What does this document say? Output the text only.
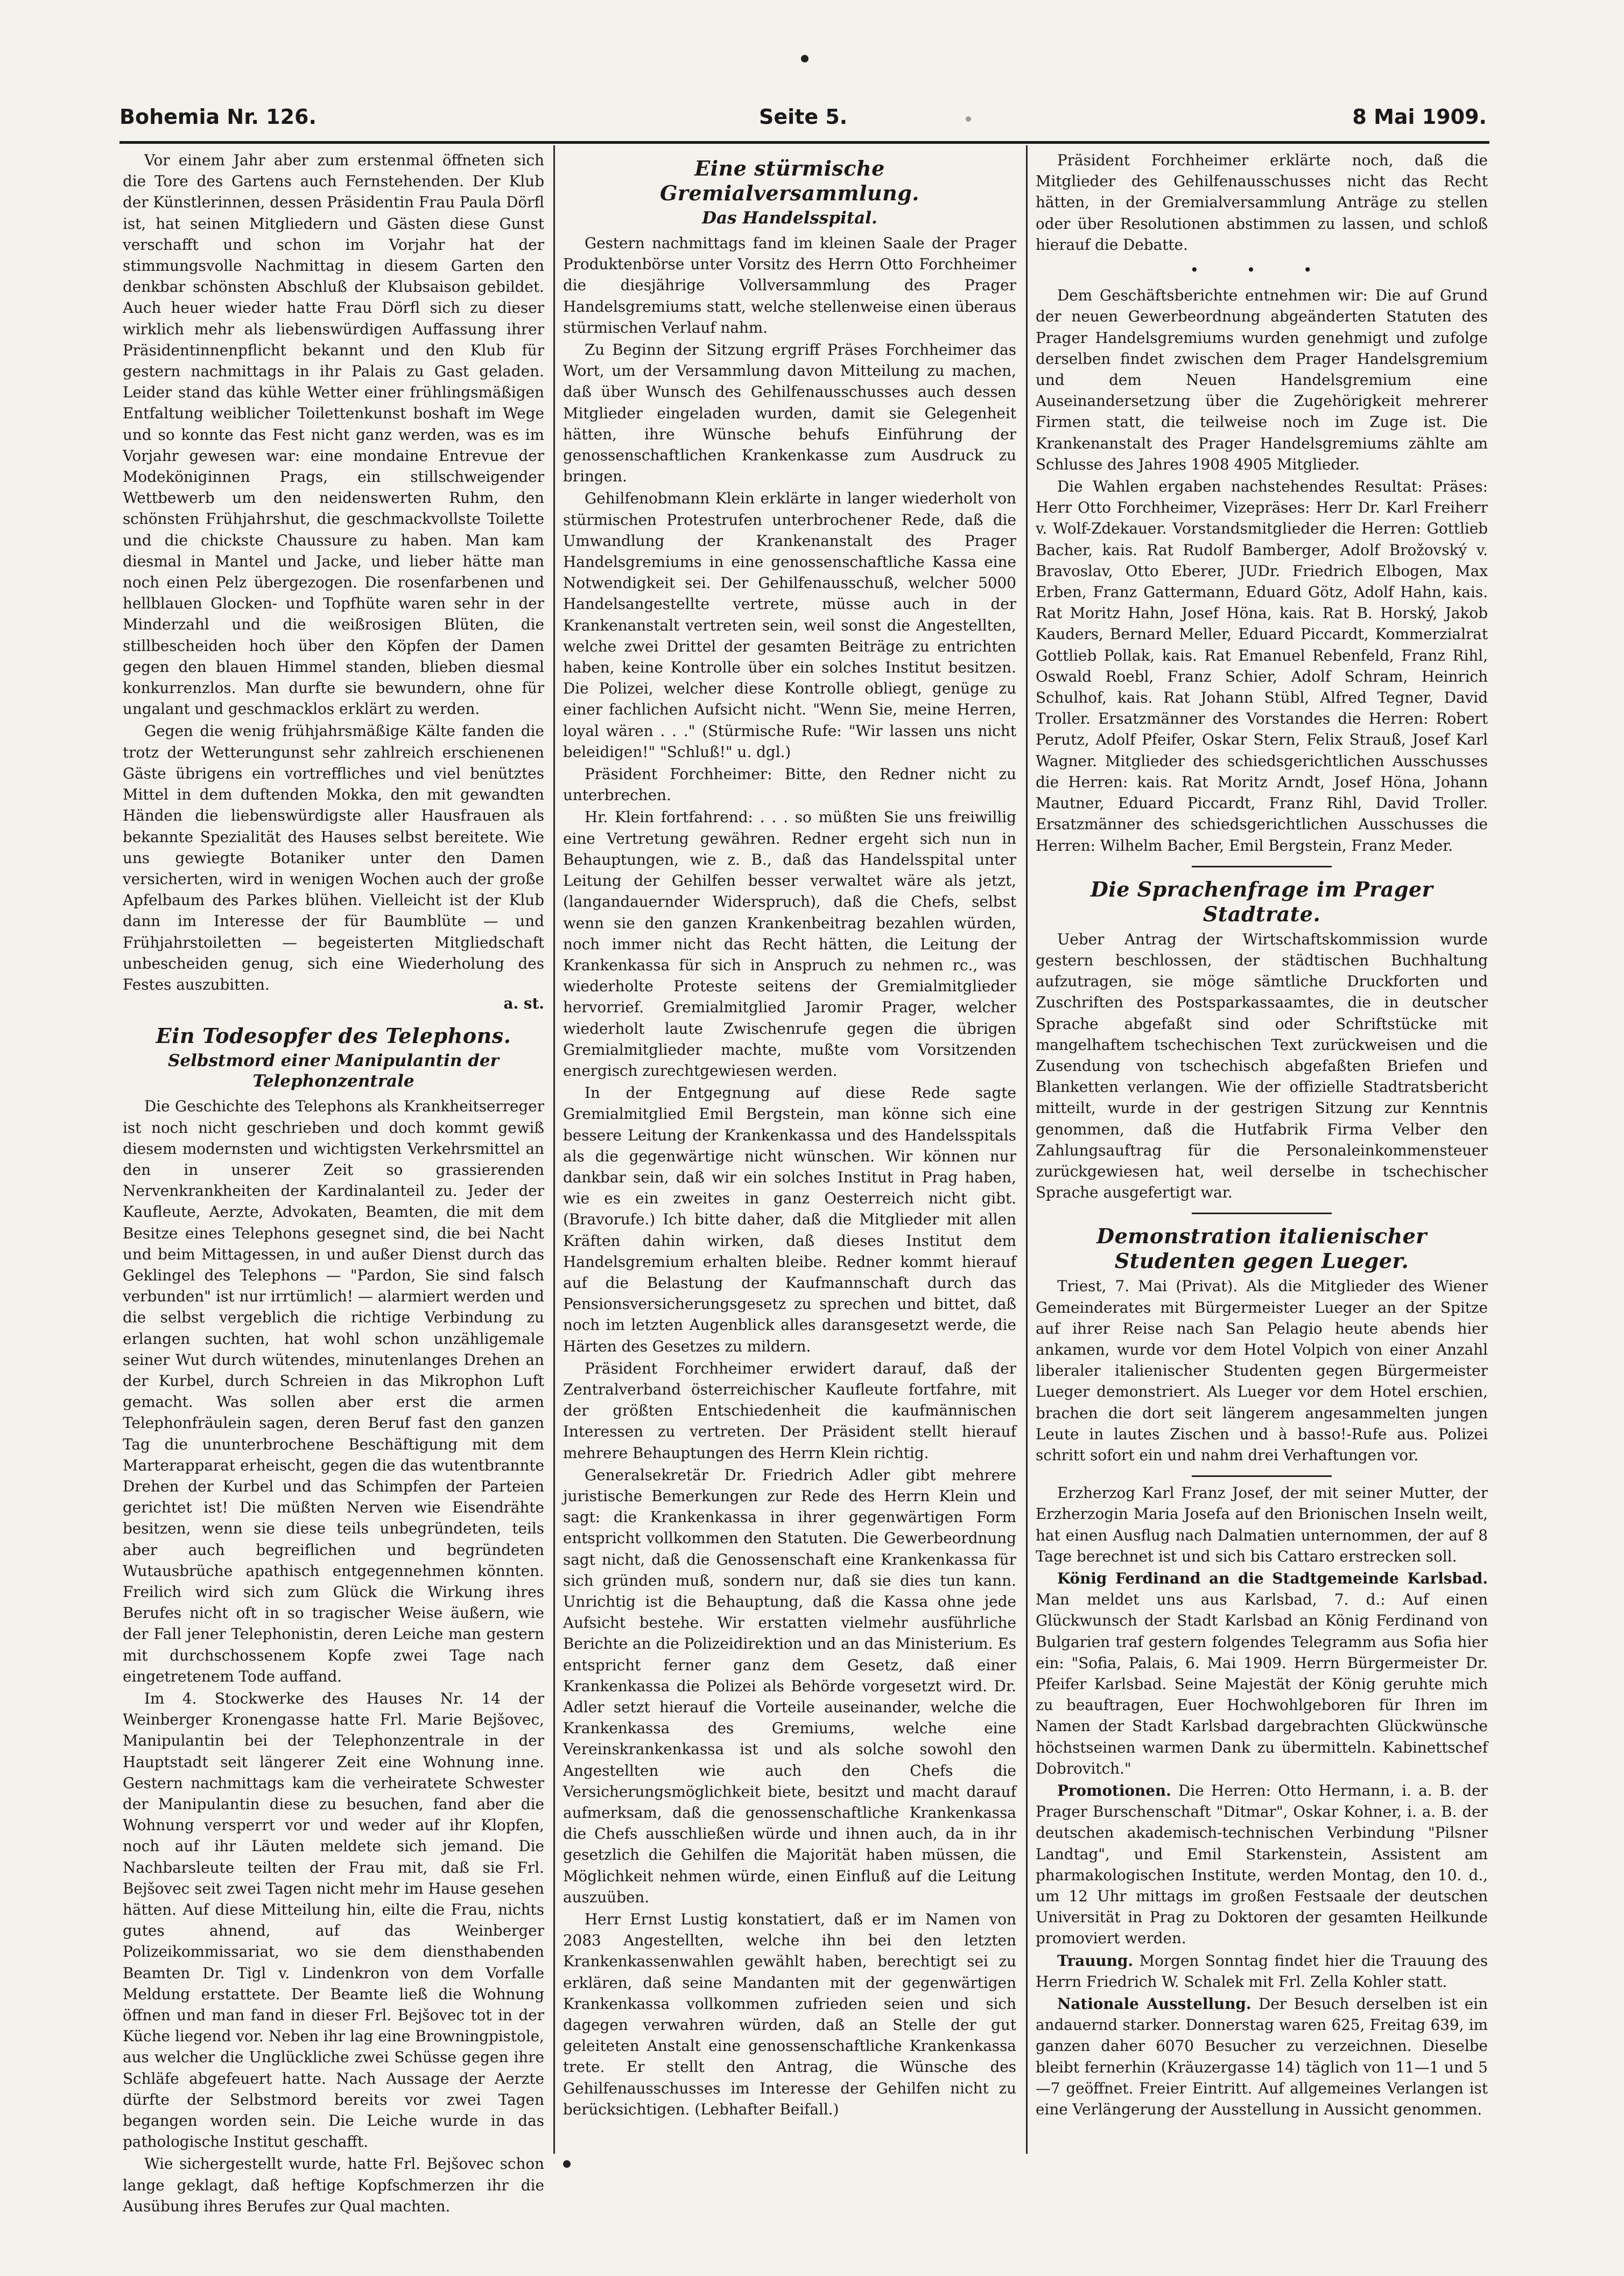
Bohemia Nr. 126.	Seite 5.	8 Mai 1909.

Vor einem Jahr aber zum erstenmal öffneten sich die Tore des Gartens auch Fernstehenden. Der Klub der Künstlerinnen, dessen Präsidentin Frau Paula Dörfl ist, hat seinen Mitgliedern und Gästen diese Gunst verschafft und schon im Vorjahr hat der stimmungsvolle Nachmittag in diesem Garten den denkbar schönsten Abschluß der Klubsaison gebildet. Auch heuer wieder hatte Frau Dörfl sich zu dieser wirklich mehr als liebenswürdigen Auffassung ihrer Präsidentinnenpflicht bekannt und den Klub für gestern nachmittags in ihr Palais zu Gast geladen. Leider stand das kühle Wetter einer frühlingsmäßigen Entfaltung weiblicher Toilettenkunst boshaft im Wege und so konnte das Fest nicht ganz werden, was es im Vorjahr gewesen war: eine mondaine Entrevue der Modeköniginnen Prags, ein stillschweigender Wettbewerb um den neidenswerten Ruhm, den schönsten Frühjahrshut, die geschmackvollste Toilette und die chickste Chaussure zu haben. Man kam diesmal in Mantel und Jacke, und lieber hätte man noch einen Pelz übergezogen. Die rosenfarbenen und hellblauen Glocken- und Topfhüte waren sehr in der Minderzahl und die weißrosigen Blüten, die stillbescheiden hoch über den Köpfen der Damen gegen den blauen Himmel standen, blieben diesmal konkurrenzlos. Man durfte sie bewundern, ohne für ungalant und geschmacklos erklärt zu werden.

Gegen die wenig frühjahrsmäßige Kälte fanden die trotz der Wetterungunst sehr zahlreich erschienenen Gäste übrigens ein vortreffliches und viel benütztes Mittel in dem duftenden Mokka, den mit gewandten Händen die liebenswürdigste aller Hausfrauen als bekannte Spezialität des Hauses selbst bereitete. Wie uns gewiegte Botaniker unter den Damen versicherten, wird in wenigen Wochen auch der große Apfelbaum des Parkes blühen. Vielleicht ist der Klub dann im Interesse der für Baumblüte — und Frühjahrstoiletten — begeisterten Mitgliedschaft unbescheiden genug, sich eine Wiederholung des Festes auszubitten.

a. st.

Ein Todesopfer des Telephons.
Selbstmord einer Manipulantin der Telephonzentrale

Die Geschichte des Telephons als Krankheitserreger ist noch nicht geschrieben und doch kommt gewiß diesem modernsten und wichtigsten Verkehrsmittel an den in unserer Zeit so grassierenden Nervenkrankheiten der Kardinalanteil zu. Jeder der Kaufleute, Aerzte, Advokaten, Beamten, die mit dem Besitze eines Telephons gesegnet sind, die bei Nacht und beim Mittagessen, in und außer Dienst durch das Geklingel des Telephons — "Pardon, Sie sind falsch verbunden" ist nur irrtümlich! — alarmiert werden und die selbst vergeblich die richtige Verbindung zu erlangen suchten, hat wohl schon unzähligemale seiner Wut durch wütendes, minutenlanges Drehen an der Kurbel, durch Schreien in das Mikrophon Luft gemacht. Was sollen aber erst die armen Telephonfräulein sagen, deren Beruf fast den ganzen Tag die ununterbrochene Beschäftigung mit dem Marterapparat erheischt, gegen die das wutentbrannte Drehen der Kurbel und das Schimpfen der Parteien gerichtet ist! Die müßten Nerven wie Eisendrähte besitzen, wenn sie diese teils unbegründeten, teils aber auch begreiflichen und begründeten Wutausbrüche apathisch entgegennehmen könnten. Freilich wird sich zum Glück die Wirkung ihres Berufes nicht oft in so tragischer Weise äußern, wie der Fall jener Telephonistin, deren Leiche man gestern mit durchschossenem Kopfe zwei Tage nach eingetretenem Tode auffand.

Im 4. Stockwerke des Hauses Nr. 14 der Weinberger Kronengasse hatte Frl. Marie Bejšovec, Manipulantin bei der Telephonzentrale in der Hauptstadt seit längerer Zeit eine Wohnung inne. Gestern nachmittags kam die verheiratete Schwester der Manipulantin diese zu besuchen, fand aber die Wohnung versperrt vor und weder auf ihr Klopfen, noch auf ihr Läuten meldete sich jemand. Die Nachbarsleute teilten der Frau mit, daß sie Frl. Bejšovec seit zwei Tagen nicht mehr im Hause gesehen hätten. Auf diese Mitteilung hin, eilte die Frau, nichts gutes ahnend, auf das Weinberger Polizeikommissariat, wo sie dem diensthabenden Beamten Dr. Tigl v. Lindenkron von dem Vorfalle Meldung erstattete. Der Beamte ließ die Wohnung öffnen und man fand in dieser Frl. Bejšovec tot in der Küche liegend vor. Neben ihr lag eine Browningpistole, aus welcher die Unglückliche zwei Schüsse gegen ihre Schläfe abgefeuert hatte. Nach Aussage der Aerzte dürfte der Selbstmord bereits vor zwei Tagen begangen worden sein. Die Leiche wurde in das pathologische Institut geschafft.

Wie sichergestellt wurde, hatte Frl. Bejšovec schon lange geklagt, daß heftige Kopfschmerzen ihr die Ausübung ihres Berufes zur Qual machten.

Eine stürmische Gremialversammlung.
Das Handelsspital.

Gestern nachmittags fand im kleinen Saale der Prager Produktenbörse unter Vorsitz des Herrn Otto Forchheimer die diesjährige Vollversammlung des Prager Handelsgremiums statt, welche stellenweise einen überaus stürmischen Verlauf nahm.

Zu Beginn der Sitzung ergriff Präses Forchheimer das Wort, um der Versammlung davon Mitteilung zu machen, daß über Wunsch des Gehilfenausschusses auch dessen Mitglieder eingeladen wurden, damit sie Gelegenheit hätten, ihre Wünsche behufs Einführung der genossenschaftlichen Krankenkasse zum Ausdruck zu bringen.

Gehilfenobmann Klein erklärte in langer wiederholt von stürmischen Protestrufen unterbrochener Rede, daß die Umwandlung der Krankenanstalt des Prager Handelsgremiums in eine genossenschaftliche Kassa eine Notwendigkeit sei. Der Gehilfenausschuß, welcher 5000 Handelsangestellte vertrete, müsse auch in der Krankenanstalt vertreten sein, weil sonst die Angestellten, welche zwei Drittel der gesamten Beiträge zu entrichten haben, keine Kontrolle über ein solches Institut besitzen. Die Polizei, welcher diese Kontrolle obliegt, genüge zu einer fachlichen Aufsicht nicht. "Wenn Sie, meine Herren, loyal wären . . ." (Stürmische Rufe: "Wir lassen uns nicht beleidigen!" "Schluß!" u. dgl.)

Präsident Forchheimer: Bitte, den Redner nicht zu unterbrechen.

Hr. Klein fortfahrend: . . . so müßten Sie uns freiwillig eine Vertretung gewähren. Redner ergeht sich nun in Behauptungen, wie z. B., daß das Handelsspital unter Leitung der Gehilfen besser verwaltet wäre als jetzt, (langandauernder Widerspruch), daß die Chefs, selbst wenn sie den ganzen Krankenbeitrag bezahlen würden, noch immer nicht das Recht hätten, die Leitung der Krankenkassa für sich in Anspruch zu nehmen rc., was wiederholte Proteste seitens der Gremialmitglieder hervorrief. Gremialmitglied Jaromir Prager, welcher wiederholt laute Zwischenrufe gegen die übrigen Gremialmitglieder machte, mußte vom Vorsitzenden energisch zurechtgewiesen werden.

In der Entgegnung auf diese Rede sagte Gremialmitglied Emil Bergstein, man könne sich eine bessere Leitung der Krankenkassa und des Handelsspitals als die gegenwärtige nicht wünschen. Wir können nur dankbar sein, daß wir ein solches Institut in Prag haben, wie es ein zweites in ganz Oesterreich nicht gibt. (Bravorufe.) Ich bitte daher, daß die Mitglieder mit allen Kräften dahin wirken, daß dieses Institut dem Handelsgremium erhalten bleibe. Redner kommt hierauf auf die Belastung der Kaufmannschaft durch das Pensionsversicherungsgesetz zu sprechen und bittet, daß noch im letzten Augenblick alles daransgesetzt werde, die Härten des Gesetzes zu mildern.

Präsident Forchheimer erwidert darauf, daß der Zentralverband österreichischer Kaufleute fortfahre, mit der größten Entschiedenheit die kaufmännischen Interessen zu vertreten. Der Präsident stellt hierauf mehrere Behauptungen des Herrn Klein richtig.

Generalsekretär Dr. Friedrich Adler gibt mehrere juristische Bemerkungen zur Rede des Herrn Klein und sagt: die Krankenkassa in ihrer gegenwärtigen Form entspricht vollkommen den Statuten. Die Gewerbeordnung sagt nicht, daß die Genossenschaft eine Krankenkassa für sich gründen muß, sondern nur, daß sie dies tun kann. Unrichtig ist die Behauptung, daß die Kassa ohne jede Aufsicht bestehe. Wir erstatten vielmehr ausführliche Berichte an die Polizeidirektion und an das Ministerium. Es entspricht ferner ganz dem Gesetz, daß einer Krankenkassa die Polizei als Behörde vorgesetzt wird. Dr. Adler setzt hierauf die Vorteile auseinander, welche die Krankenkassa des Gremiums, welche eine Vereinskrankenkassa ist und als solche sowohl den Angestellten wie auch den Chefs die Versicherungsmöglichkeit biete, besitzt und macht darauf aufmerksam, daß die genossenschaftliche Krankenkassa die Chefs ausschließen würde und ihnen auch, da in ihr gesetzlich die Gehilfen die Majorität haben müssen, die Möglichkeit nehmen würde, einen Einfluß auf die Leitung auszuüben.

Herr Ernst Lustig konstatiert, daß er im Namen von 2083 Angestellten, welche ihn bei den letzten Krankenkassenwahlen gewählt haben, berechtigt sei zu erklären, daß seine Mandanten mit der gegenwärtigen Krankenkassa vollkommen zufrieden seien und sich dagegen verwahren würden, daß an Stelle der gut geleiteten Anstalt eine genossenschaftliche Krankenkassa trete. Er stellt den Antrag, die Wünsche des Gehilfenausschusses im Interesse der Gehilfen nicht zu berücksichtigen. (Lebhafter Beifall.)

Präsident Forchheimer erklärte noch, daß die Mitglieder des Gehilfenausschusses nicht das Recht hätten, in der Gremialversammlung Anträge zu stellen oder über Resolutionen abstimmen zu lassen, und schloß hierauf die Debatte.

• • •

Dem Geschäftsberichte entnehmen wir: Die auf Grund der neuen Gewerbeordnung abgeänderten Statuten des Prager Handelsgremiums wurden genehmigt und zufolge derselben findet zwischen dem Prager Handelsgremium und dem Neuen Handelsgremium eine Auseinandersetzung über die Zugehörigkeit mehrerer Firmen statt, die teilweise noch im Zuge ist. Die Krankenanstalt des Prager Handelsgremiums zählte am Schlusse des Jahres 1908 4905 Mitglieder.

Die Wahlen ergaben nachstehendes Resultat: Präses: Herr Otto Forchheimer, Vizepräses: Herr Dr. Karl Freiherr v. Wolf-Zdekauer. Vorstandsmitglieder die Herren: Gottlieb Bacher, kais. Rat Rudolf Bamberger, Adolf Brožovský v. Bravoslav, Otto Eberer, JUDr. Friedrich Elbogen, Max Erben, Franz Gattermann, Eduard Götz, Adolf Hahn, kais. Rat Moritz Hahn, Josef Höna, kais. Rat B. Horský, Jakob Kauders, Bernard Meller, Eduard Piccardt, Kommerzialrat Gottlieb Pollak, kais. Rat Emanuel Rebenfeld, Franz Rihl, Oswald Roebl, Franz Schier, Adolf Schram, Heinrich Schulhof, kais. Rat Johann Stübl, Alfred Tegner, David Troller. Ersatzmänner des Vorstandes die Herren: Robert Perutz, Adolf Pfeifer, Oskar Stern, Felix Strauß, Josef Karl Wagner. Mitglieder des schiedsgerichtlichen Ausschusses die Herren: kais. Rat Moritz Arndt, Josef Höna, Johann Mautner, Eduard Piccardt, Franz Rihl, David Troller. Ersatzmänner des schiedsgerichtlichen Ausschusses die Herren: Wilhelm Bacher, Emil Bergstein, Franz Meder.

Die Sprachenfrage im Prager Stadtrate.

Ueber Antrag der Wirtschaftskommission wurde gestern beschlossen, der städtischen Buchhaltung aufzutragen, sie möge sämtliche Druckforten und Zuschriften des Postsparkassaamtes, die in deutscher Sprache abgefaßt sind oder Schriftstücke mit mangelhaftem tschechischen Text zurückweisen und die Zusendung von tschechisch abgefaßten Briefen und Blanketten verlangen. Wie der offizielle Stadtratsbericht mitteilt, wurde in der gestrigen Sitzung zur Kenntnis genommen, daß die Hutfabrik Firma Velber den Zahlungsauftrag für die Personaleinkommensteuer zurückgewiesen hat, weil derselbe in tschechischer Sprache ausgefertigt war.

Demonstration italienischer Studenten gegen Lueger.

Triest, 7. Mai (Privat). Als die Mitglieder des Wiener Gemeinderates mit Bürgermeister Lueger an der Spitze auf ihrer Reise nach San Pelagio heute abends hier ankamen, wurde vor dem Hotel Volpich von einer Anzahl liberaler italienischer Studenten gegen Bürgermeister Lueger demonstriert. Als Lueger vor dem Hotel erschien, brachen die dort seit längerem angesammelten jungen Leute in lautes Zischen und à basso!-Rufe aus. Polizei schritt sofort ein und nahm drei Verhaftungen vor.

Erzherzog Karl Franz Josef, der mit seiner Mutter, der Erzherzogin Maria Josefa auf den Brionischen Inseln weilt, hat einen Ausflug nach Dalmatien unternommen, der auf 8 Tage berechnet ist und sich bis Cattaro erstrecken soll.

König Ferdinand an die Stadtgemeinde Karlsbad. Man meldet uns aus Karlsbad, 7. d.: Auf einen Glückwunsch der Stadt Karlsbad an König Ferdinand von Bulgarien traf gestern folgendes Telegramm aus Sofia hier ein: "Sofia, Palais, 6. Mai 1909. Herrn Bürgermeister Dr. Pfeifer Karlsbad. Seine Majestät der König geruhte mich zu beauftragen, Euer Hochwohlgeboren für Ihren im Namen der Stadt Karlsbad dargebrachten Glückwünsche höchstseinen warmen Dank zu übermitteln. Kabinettschef Dobrovitch."

Promotionen. Die Herren: Otto Hermann, i. a. B. der Prager Burschenschaft "Ditmar", Oskar Kohner, i. a. B. der deutschen akademisch-technischen Verbindung "Pilsner Landtag", und Emil Starkenstein, Assistent am pharmakologischen Institute, werden Montag, den 10. d., um 12 Uhr mittags im großen Festsaale der deutschen Universität in Prag zu Doktoren der gesamten Heilkunde promoviert werden.

Trauung. Morgen Sonntag findet hier die Trauung des Herrn Friedrich W. Schalek mit Frl. Zella Kohler statt.

Nationale Ausstellung. Der Besuch derselben ist ein andauernd starker. Donnerstag waren 625, Freitag 639, im ganzen daher 6070 Besucher zu verzeichnen. Dieselbe bleibt fernerhin (Kräuzergasse 14) täglich von 11—1 und 5—7 geöffnet. Freier Eintritt. Auf allgemeines Verlangen ist eine Verlängerung der Ausstellung in Aussicht genommen.
